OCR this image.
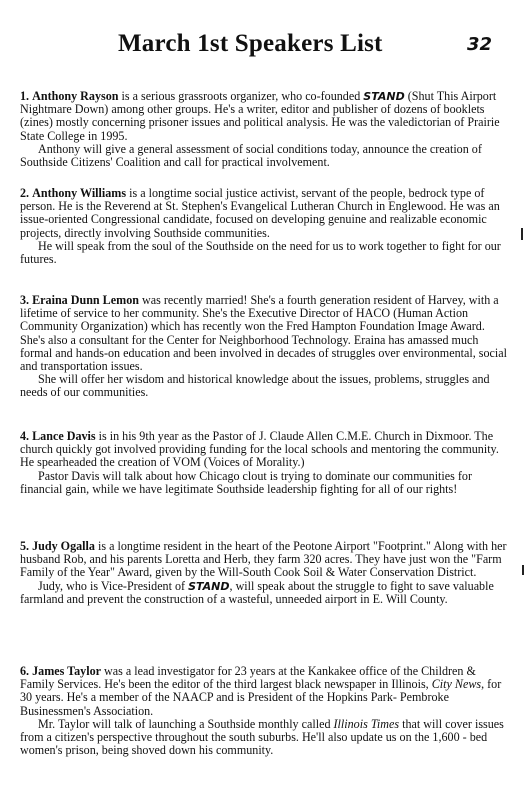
March 1st Speakers List	32

1. Anthony Rayson is a serious grassroots organizer, who co-founded STAND (Shut This Airport Nightmare Down) among other groups. He's a writer, editor and publisher of dozens of booklets (zines) mostly concerning prisoner issues and political analysis. He was the valedictorian of Prairie State College in 1995.

Anthony will give a general assessment of social conditions today, announce the creation of Southside Citizens' Coalition and call for practical involvement.

2. Anthony Williams is a longtime social justice activist, servant of the people, bedrock type of person. He is the Reverend at St. Stephen's Evangelical Lutheran Church in Englewood. He was an issue-oriented Congressional candidate, focused on developing genuine and realizable economic projects, directly involving Southside communities.

He will speak from the soul of the Southside on the need for us to work together to fight for our futures.

3. Eraina Dunn Lemon was recently married! She's a fourth generation resident of Harvey, with a lifetime of service to her community. She's the Executive Director of HACO (Human Action Community Organization) which has recently won the Fred Hampton Foundation Image Award. She's also a consultant for the Center for Neighborhood Technology. Eraina has amassed much formal and hands-on education and been involved in decades of struggles over environmental, social and transportation issues.

She will offer her wisdom and historical knowledge about the issues, problems, struggles and needs of our communities.

4. Lance Davis is in his 9th year as the Pastor of J. Claude Allen C.M.E. Church in Dixmoor. The church quickly got involved providing funding for the local schools and mentoring the community. He spearheaded the creation of VOM (Voices of Morality.)

Pastor Davis will talk about how Chicago clout is trying to dominate our communities for financial gain, while we have legitimate Southside leadership fighting for all of our rights!

5. Judy Ogalla is a longtime resident in the heart of the Peotone Airport "Footprint." Along with her husband Rob, and his parents Loretta and Herb, they farm 320 acres. They have just won the "Farm Family of the Year" Award, given by the Will-South Cook Soil & Water Conservation District.

Judy, who is Vice-President of STAND, will speak about the struggle to fight to save valuable farmland and prevent the construction of a wasteful, unneeded airport in E. Will County.

6. James Taylor was a lead investigator for 23 years at the Kankakee office of the Children & Family Services. He's been the editor of the third largest black newspaper in Illinois, City News, for 30 years. He's a member of the NAACP and is President of the Hopkins Park- Pembroke Businessmen's Association.

Mr. Taylor will talk of launching a Southside monthly called Illinois Times that will cover issues from a citizen's perspective throughout the south suburbs. He'll also update us on the 1,600 - bed women's prison, being shoved down his community.
